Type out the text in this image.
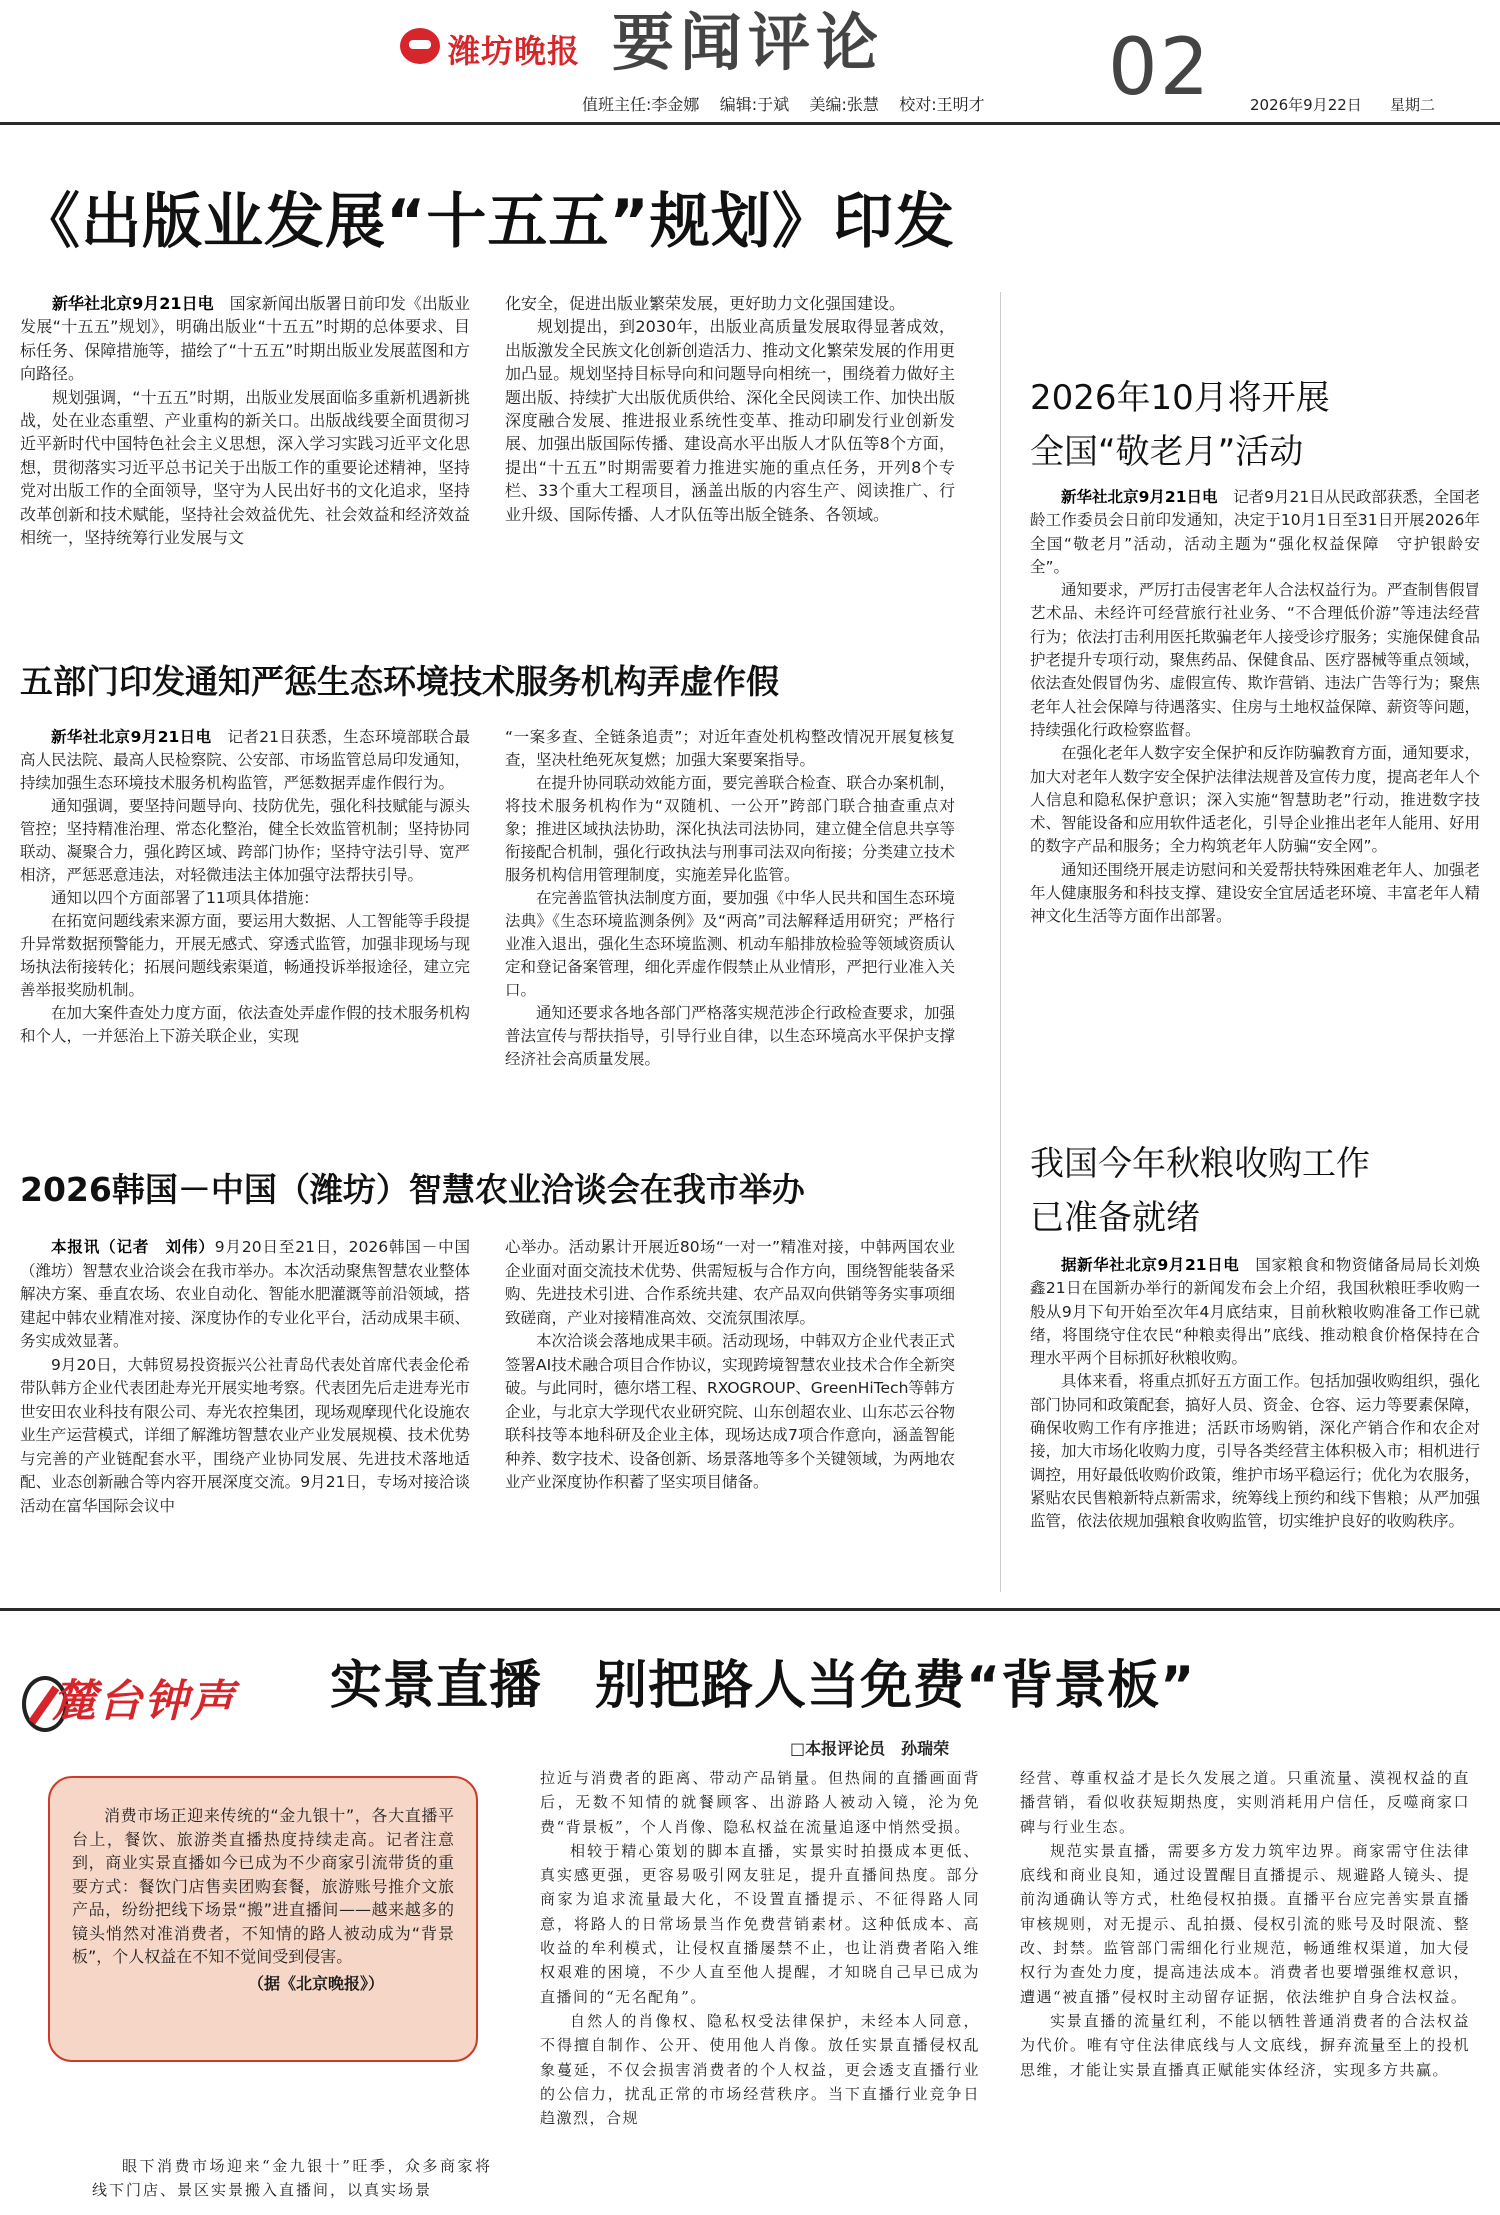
潍坊晚报 要闻评论	02
值班主任:李金娜    编辑:于斌    美编:张慧    校对:王明才	2026年9月22日 星期二
《出版业发展“十五五”规划》印发

新华社北京9月21日电　 国家新闻出版署日前印发《出版业发展“十五五”规划》，明确出版业“十五五”时期的总体要求、目标任务、保障措施等，描绘了“十五五”时期出版业发展蓝图和方向路径。

规划强调，“十五五”时期，出版业发展面临多重新机遇新挑战，处在业态重塑、产业重构的新关口。出版战线要全面贯彻习近平新时代中国特色社会主义思想，深入学习实践习近平文化思想，贯彻落实习近平总书记关于出版工作的重要论述精神，坚持党对出版工作的全面领导，坚守为人民出好书的文化追求，坚持改革创新和技术赋能，坚持社会效益优先、社会效益和经济效益相统一，坚持统筹行业发展与文

化安全，促进出版业繁荣发展，更好助力文化强国建设。

规划提出，到2030年，出版业高质量发展取得显著成效，出版激发全民族文化创新创造活力、推动文化繁荣发展的作用更加凸显。规划坚持目标导向和问题导向相统一，围绕着力做好主题出版、持续扩大出版优质供给、深化全民阅读工作、加快出版深度融合发展、推进报业系统性变革、推动印刷发行业创新发展、加强出版国际传播、建设高水平出版人才队伍等8个方面，提出“十五五”时期需要着力推进实施的重点任务，开列8个专栏、33个重大工程项目，涵盖出版的内容生产、阅读推广、行业升级、国际传播、人才队伍等出版全链条、各领域。

五部门印发通知严惩生态环境技术服务机构弄虚作假

新华社北京9月21日电　 记者21日获悉，生态环境部联合最高人民法院、最高人民检察院、公安部、市场监管总局印发通知，持续加强生态环境技术服务机构监管，严惩数据弄虚作假行为。

通知强调，要坚持问题导向、技防优先，强化科技赋能与源头管控；坚持精准治理、常态化整治，健全长效监管机制；坚持协同联动、凝聚合力，强化跨区域、跨部门协作；坚持守法引导、宽严相济，严惩恶意违法，对轻微违法主体加强守法帮扶引导。

通知以四个方面部署了11项具体措施：

在拓宽问题线索来源方面，要运用大数据、人工智能等手段提升异常数据预警能力，开展无感式、穿透式监管，加强非现场与现场执法衔接转化；拓展问题线索渠道，畅通投诉举报途径，建立完善举报奖励机制。

在加大案件查处力度方面，依法查处弄虚作假的技术服务机构和个人，一并惩治上下游关联企业，实现

“一案多查、全链条追责”；对近年查处机构整改情况开展复核复查，坚决杜绝死灰复燃；加强大案要案指导。

在提升协同联动效能方面，要完善联合检查、联合办案机制，将技术服务机构作为“双随机、一公开”跨部门联合抽查重点对象；推进区域执法协助，深化执法司法协同，建立健全信息共享等衔接配合机制，强化行政执法与刑事司法双向衔接；分类建立技术服务机构信用管理制度，实施差异化监管。

在完善监管执法制度方面，要加强《中华人民共和国生态环境法典》《生态环境监测条例》及“两高”司法解释适用研究；严格行业准入退出，强化生态环境监测、机动车船排放检验等领域资质认定和登记备案管理，细化弄虚作假禁止从业情形，严把行业准入关口。

通知还要求各地各部门严格落实规范涉企行政检查要求，加强普法宣传与帮扶指导，引导行业自律，以生态环境高水平保护支撑经济社会高质量发展。

2026韩国－中国（潍坊）智慧农业洽谈会在我市举办

本报讯（记者　刘伟）9月20日至21日，2026韩国－中国（潍坊）智慧农业洽谈会在我市举办。本次活动聚焦智慧农业整体解决方案、垂直农场、农业自动化、智能水肥灌溉等前沿领域，搭建起中韩农业精准对接、深度协作的专业化平台，活动成果丰硕、务实成效显著。

9月20日，大韩贸易投资振兴公社青岛代表处首席代表金伦希带队韩方企业代表团赴寿光开展实地考察。代表团先后走进寿光市世安田农业科技有限公司、寿光农控集团，现场观摩现代化设施农业生产运营模式，详细了解潍坊智慧农业产业发展规模、技术优势与完善的产业链配套水平，围绕产业协同发展、先进技术落地适配、业态创新融合等内容开展深度交流。9月21日，专场对接洽谈活动在富华国际会议中

心举办。活动累计开展近80场“一对一”精准对接，中韩两国农业企业面对面交流技术优势、供需短板与合作方向，围绕智能装备采购、先进技术引进、合作系统共建、农产品双向供销等务实事项细致磋商，产业对接精准高效、交流氛围浓厚。

本次洽谈会落地成果丰硕。活动现场，中韩双方企业代表正式签署AI技术融合项目合作协议，实现跨境智慧农业技术合作全新突破。与此同时，德尔塔工程、RXOGROUP、GreenHiTech等韩方企业，与北京大学现代农业研究院、山东创超农业、山东芯云谷物联科技等本地科研及企业主体，现场达成7项合作意向，涵盖智能种养、数字技术、设备创新、场景落地等多个关键领域，为两地农业产业深度协作积蓄了坚实项目储备。

2026年10月将开展
全国“敬老月”活动

新华社北京9月21日电　 记者9月21日从民政部获悉，全国老龄工作委员会日前印发通知，决定于10月1日至31日开展2026年全国“敬老月”活动，活动主题为“强化权益保障　守护银龄安全”。

通知要求，严厉打击侵害老年人合法权益行为。严查制售假冒艺术品、未经许可经营旅行社业务、“不合理低价游”等违法经营行为；依法打击利用医托欺骗老年人接受诊疗服务；实施保健食品护老提升专项行动，聚焦药品、保健食品、医疗器械等重点领域，依法查处假冒伪劣、虚假宣传、欺诈营销、违法广告等行为；聚焦老年人社会保障与待遇落实、住房与土地权益保障、薪资等问题，持续强化行政检察监督。

在强化老年人数字安全保护和反诈防骗教育方面，通知要求，加大对老年人数字安全保护法律法规普及宣传力度，提高老年人个人信息和隐私保护意识；深入实施“智慧助老”行动，推进数字技术、智能设备和应用软件适老化，引导企业推出老年人能用、好用的数字产品和服务；全力构筑老年人防骗“安全网”。

通知还围绕开展走访慰问和关爱帮扶特殊困难老年人、加强老年人健康服务和科技支撑、建设安全宜居适老环境、丰富老年人精神文化生活等方面作出部署。

我国今年秋粮收购工作
已准备就绪

据新华社北京9月21日电　 国家粮食和物资储备局局长刘焕鑫21日在国新办举行的新闻发布会上介绍，我国秋粮旺季收购一般从9月下旬开始至次年4月底结束，目前秋粮收购准备工作已就绪，将围绕守住农民“种粮卖得出”底线、推动粮食价格保持在合理水平两个目标抓好秋粮收购。

具体来看，将重点抓好五方面工作。包括加强收购组织，强化部门协同和政策配套，搞好人员、资金、仓容、运力等要素保障，确保收购工作有序推进；活跃市场购销，深化产销合作和农企对接，加大市场化收购力度，引导各类经营主体积极入市；相机进行调控，用好最低收购价政策，维护市场平稳运行；优化为农服务，紧贴农民售粮新特点新需求，统筹线上预约和线下售粮；从严加强监管，依法依规加强粮食收购监管，切实维护良好的收购秩序。

麓台钟声 实景直播　别把路人当免费“背景板”
□本报评论员　孙瑞荣
消费市场正迎来传统的“金九银十”，各大直播平台上，餐饮、旅游类直播热度持续走高。记者注意到，商业实景直播如今已成为不少商家引流带货的重要方式：餐饮门店售卖团购套餐，旅游账号推介文旅产品，纷纷把线下场景“搬”进直播间——越来越多的镜头悄然对准消费者，不知情的路人被动成为“背景板”，个人权益在不知不觉间受到侵害。
（据《北京晚报》）

眼下消费市场迎来“金九银十”旺季，众多商家将线下门店、景区实景搬入直播间，以真实场景

拉近与消费者的距离、带动产品销量。但热闹的直播画面背后，无数不知情的就餐顾客、出游路人被动入镜，沦为免费“背景板”，个人肖像、隐私权益在流量追逐中悄然受损。

相较于精心策划的脚本直播，实景实时拍摄成本更低、真实感更强，更容易吸引网友驻足，提升直播间热度。部分商家为追求流量最大化，不设置直播提示、不征得路人同意，将路人的日常场景当作免费营销素材。这种低成本、高收益的牟利模式，让侵权直播屡禁不止，也让消费者陷入维权艰难的困境，不少人直至他人提醒，才知晓自己早已成为直播间的“无名配角”。

自然人的肖像权、隐私权受法律保护，未经本人同意，不得擅自制作、公开、使用他人肖像。放任实景直播侵权乱象蔓延，不仅会损害消费者的个人权益，更会透支直播行业的公信力，扰乱正常的市场经营秩序。当下直播行业竞争日趋激烈，合规

经营、尊重权益才是长久发展之道。只重流量、漠视权益的直播营销，看似收获短期热度，实则消耗用户信任，反噬商家口碑与行业生态。

规范实景直播，需要多方发力筑牢边界。商家需守住法律底线和商业良知，通过设置醒目直播提示、规避路人镜头、提前沟通确认等方式，杜绝侵权拍摄。直播平台应完善实景直播审核规则，对无提示、乱拍摄、侵权引流的账号及时限流、整改、封禁。监管部门需细化行业规范，畅通维权渠道，加大侵权行为查处力度，提高违法成本。消费者也要增强维权意识，遭遇“被直播”侵权时主动留存证据，依法维护自身合法权益。

实景直播的流量红利，不能以牺牲普通消费者的合法权益为代价。唯有守住法律底线与人文底线，摒弃流量至上的投机思维，才能让实景直播真正赋能实体经济，实现多方共赢。
